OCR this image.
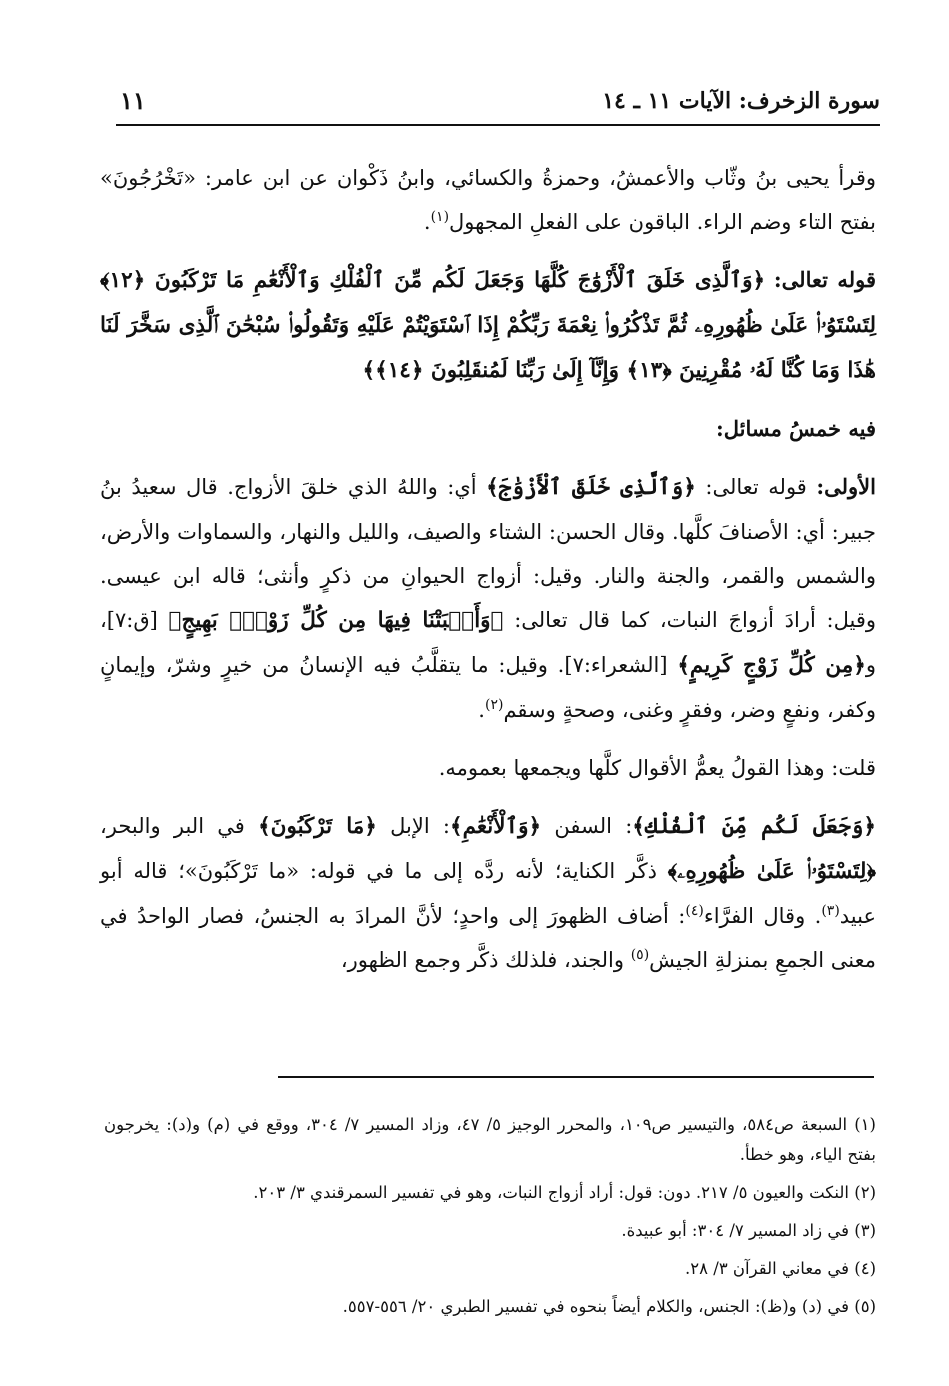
سورة الزخرف: الآيات ١١ ـ ١٤
١١

وقرأ يحيى بنُ وثّاب والأعمشُ، وحمزةُ والكسائي، وابنُ ذَكْوان عن ابن عامر: «تَخْرُجُونَ» بفتح التاء وضم الراء. الباقون على الفعلِ المجهول$^{(١)}$.

قوله تعالى: ﴿وَٱلَّذِى خَلَقَ ٱلْأَزْوَٰجَ كُلَّهَا وَجَعَلَ لَكُم مِّنَ ٱلْفُلْكِ وَٱلْأَنْعَٰمِ مَا تَرْكَبُونَ ﴿١٢﴾ لِتَسْتَوُۥا۟ عَلَىٰ ظُهُورِهِۦ ثُمَّ تَذْكُرُوا۟ نِعْمَةَ رَبِّكُمْ إِذَا ٱسْتَوَيْتُمْ عَلَيْهِ وَتَقُولُوا۟ سُبْحَٰنَ ٱلَّذِى سَخَّرَ لَنَا هَٰذَا وَمَا كُنَّا لَهُۥ مُقْرِنِينَ ﴿١٣﴾ وَإِنَّآ إِلَىٰ رَبِّنَا لَمُنقَلِبُونَ ﴿١٤﴾﴾

فيه خمسُ مسائل:

الأولى: قوله تعالى: ﴿وَٱلَّذِى خَلَقَ ٱلْأَزْوَٰجَ﴾ أي: واللهُ الذي خلقَ الأزواج. قال سعيدُ بنُ جبير: أي: الأصنافَ كلَّها. وقال الحسن: الشتاء والصيف، والليل والنهار، والسماوات والأرض، والشمس والقمر، والجنة والنار. وقيل: أزواج الحيوانِ من ذكرٍ وأنثى؛ قاله ابن عيسى. وقيل: أرادَ أزواجَ النبات، كما قال تعالى: ﴿وَأَنۢبَتْنَا فِيهَا مِن كُلِّ زَوْجٍۭ بَهِيجٍ﴾ [ق:٧]، و﴿مِن كُلِّ زَوْجٍ كَرِيمٍ﴾ [الشعراء:٧]. وقيل: ما يتقلَّبُ فيه الإنسانُ من خيرٍ وشرّ، وإيمانٍ وكفر، ونفعٍ وضر، وفقرٍ وغنى، وصحةٍ وسقم$^{(٢)}$.

قلت: وهذا القولُ يعمُّ الأقوال كلَّها ويجمعها بعمومه.

﴿وَجَعَلَ لَكُم مِّنَ ٱلْفُلْكِ﴾: السفن ﴿وَٱلْأَنْعَٰمِ﴾: الإبل ﴿مَا تَرْكَبُونَ﴾ في البر والبحر، ﴿لِتَسْتَوُۥا۟ عَلَىٰ ظُهُورِهِۦ﴾ ذكَّر الكناية؛ لأنه ردَّه إلى ما في قوله: «ما تَرْكَبُونَ»؛ قاله أبو عبيد$^{(٣)}$. وقال الفرَّاء$^{(٤)}$: أضاف الظهورَ إلى واحدٍ؛ لأنَّ المرادَ به الجنسُ، فصار الواحدُ في معنى الجمعِ بمنزلةِ الجيش$^{(٥)}$ والجند، فلذلك ذكَّر وجمع الظهور،

(١) السبعة ص٥٨٤، والتيسير ص١٠٩، والمحرر الوجيز ٥/ ٤٧، وزاد المسير ٧/ ٣٠٤، ووقع في (م) و(د): يخرجون بفتح الياء، وهو خطأ.

(٢) النكت والعيون ٥/ ٢١٧. دون: قول: أراد أزواج النبات، وهو في تفسير السمرقندي ٣/ ٢٠٣.

(٣) في زاد المسير ٧/ ٣٠٤: أبو عبيدة.

(٤) في معاني القرآن ٣/ ٢٨.

(٥) في (د) و(ظ): الجنس، والكلام أيضاً بنحوه في تفسير الطبري ٢٠/ ٥٥٦-٥٥٧.
